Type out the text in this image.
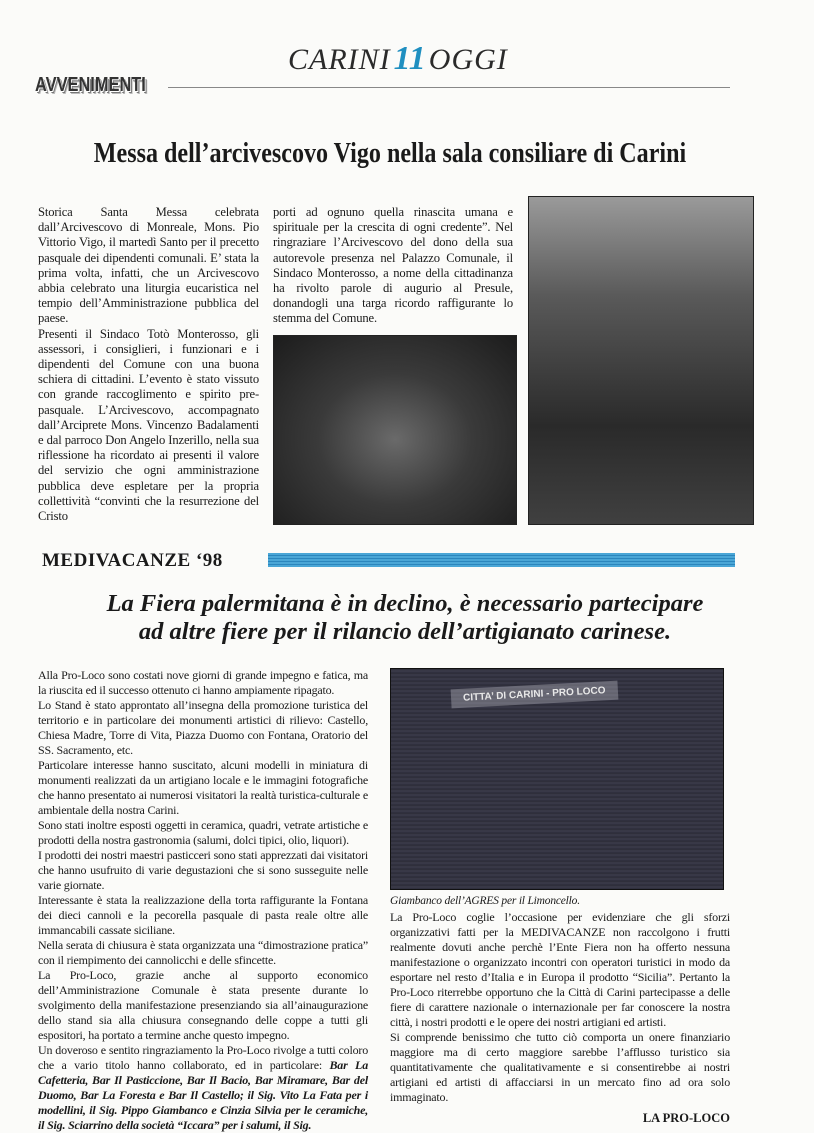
CARINI11 OGGI
AVVENIMENTI
Messa dell’arcivescovo Vigo nella sala consiliare di Carini

Storica Santa Messa celebrata dall’Arcivescovo di Monreale, Mons. Pio Vittorio Vigo, il martedì Santo per il precetto pasquale dei dipendenti comunali. E’ stata la prima volta, infatti, che un Arcivescovo abbia celebrato una liturgia eucaristica nel tempio dell’Amministrazione pubblica del paese.

Presenti il Sindaco Totò Monterosso, gli assessori, i consiglieri, i funzionari e i dipendenti del Comune con una buona schiera di cittadini. L’evento è stato vissuto con grande raccoglimento e spirito pre-pasquale. L’Arcivescovo, accompagnato dall’Arciprete Mons. Vincenzo Badalamenti e dal parroco Don Angelo Inzerillo, nella sua riflessione ha ricordato ai presenti il valore del servizio che ogni amministrazione pubblica deve espletare per la propria collettività “convinti che la resurrezione del Cristo

porti ad ognuno quella rinascita umana e spirituale per la crescita di ogni credente”. Nel ringraziare l’Arcivescovo del dono della sua autorevole presenza nel Palazzo Comunale, il Sindaco Monterosso, a nome della cittadinanza ha rivolto parole di augurio al Presule, donandogli una targa ricordo raffigurante lo stemma del Comune.

MEDIVACANZE ‘98
La Fiera palermitana è in declino, è necessario partecipare
ad altre fiere per il rilancio dell’artigianato carinese.

Alla Pro-Loco sono costati nove giorni di grande impegno e fatica, ma la riuscita ed il successo ottenuto ci hanno ampiamente ripagato.

Lo Stand è stato approntato all’insegna della promozione turistica del territorio e in particolare dei monumenti artistici di rilievo: Castello, Chiesa Madre, Torre di Vita, Piazza Duomo con Fontana, Oratorio del SS. Sacramento, etc.

Particolare interesse hanno suscitato, alcuni modelli in miniatura di monumenti realizzati da un artigiano locale e le immagini fotografiche che hanno presentato ai numerosi visitatori la realtà turistica-culturale e ambientale della nostra Carini.

Sono stati inoltre esposti oggetti in ceramica, quadri, vetrate artistiche e prodotti della nostra gastronomia (salumi, dolci tipici, olio, liquori).

I prodotti dei nostri maestri pasticceri sono stati apprezzati dai visitatori che hanno usufruito di varie degustazioni che si sono susseguite nelle varie giornate.

Interessante è stata la realizzazione della torta raffigurante la Fontana dei dieci cannoli e la pecorella pasquale di pasta reale oltre alle immancabili cassate siciliane.

Nella serata di chiusura è stata organizzata una “dimostrazione pratica” con il riempimento dei cannolicchi e delle sfincette.

La Pro-Loco, grazie anche al supporto economico dell’Amministrazione Comunale è stata presente durante lo svolgimento della manifestazione presenziando sia all’ainaugurazione dello stand sia alla chiusura consegnando delle coppe a tutti gli espositori, ha portato a termine anche questo impegno.

Un doveroso e sentito ringraziamento la Pro-Loco rivolge a tutti coloro che a vario titolo hanno collaborato, ed in particolare: Bar La Cafetteria, Bar Il Pasticcione, Bar Il Bacio, Bar Miramare, Bar del Duomo, Bar La Foresta e Bar Il Castello; il Sig. Vito La Fata per i modellini, il Sig. Pippo Giambanco e Cinzia Silvia per le ceramiche, il Sig. Sciarrino della società “Iccara” per i salumi, il Sig.

CITTA’ DI CARINI - PRO LOCO
Giambanco dell’AGRES per il Limoncello.

La Pro-Loco coglie l’occasione per evidenziare che gli sforzi organizzativi fatti per la MEDIVACANZE non raccolgono i frutti realmente dovuti anche perchè l’Ente Fiera non ha offerto nessuna manifestazione o organizzato incontri con operatori turistici in modo da esportare nel resto d’Italia e in Europa il prodotto “Sicilia”. Pertanto la Pro-Loco riterrebbe opportuno che la Città di Carini partecipasse a delle fiere di carattere nazionale o internazionale per far conoscere la nostra città, i nostri prodotti e le opere dei nostri artigiani ed artisti.

Si comprende benissimo che tutto ciò comporta un onere finanziario maggiore ma di certo maggiore sarebbe l’afflusso turistico sia quantitativamente che qualitativamente e si consentirebbe ai nostri artigiani ed artisti di affacciarsi in un mercato fino ad ora solo immaginato.

LA PRO-LOCO
